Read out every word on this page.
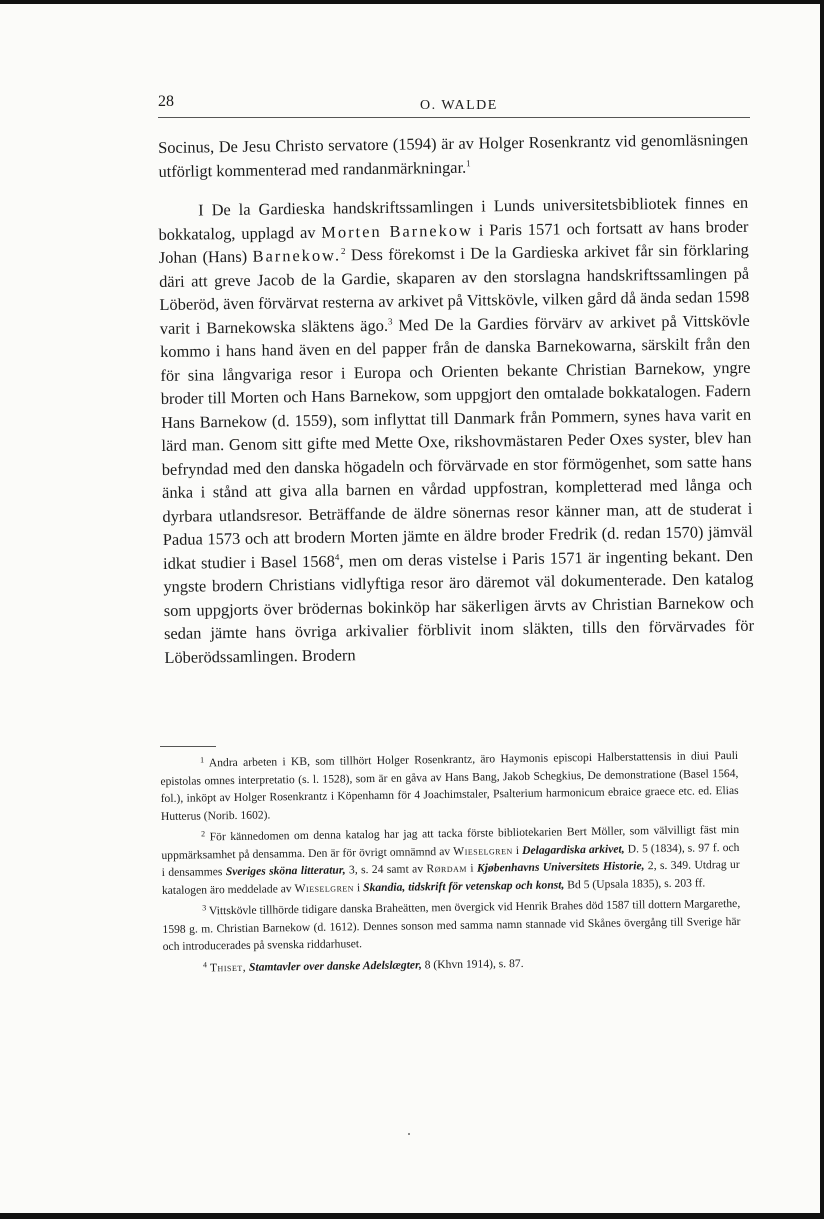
28	O. WALDE

Socinus, De Jesu Christo servatore (1594) är av Holger Rosenkrantz vid genomläsningen utförligt kommenterad med randanmärkningar.$^1$

I De la Gardieska handskriftssamlingen i Lunds universitetsbibliotek finnes en bokkatalog, upplagd av Morten Barnekow i Paris 1571 och fortsatt av hans broder Johan (Hans) Barnekow.$^2$ Dess förekomst i De la Gardieska arkivet får sin förklaring däri att greve Jacob de la Gardie, skaparen av den storslagna handskriftssamlingen på Löberöd, även förvärvat resterna av arkivet på Vittskövle, vilken gård då ända sedan 1598 varit i Barnekowska släktens ägo.$^3$ Med De la Gardies förvärv av arkivet på Vittskövle kommo i hans hand även en del papper från de danska Barnekowarna, särskilt från den för sina långvariga resor i Europa och Orienten bekante Christian Barnekow, yngre broder till Morten och Hans Barnekow, som uppgjort den omtalade bokkatalogen. Fadern Hans Barnekow (d. 1559), som inflyttat till Danmark från Pommern, synes hava varit en lärd man. Genom sitt gifte med Mette Oxe, rikshovmästaren Peder Oxes syster, blev han befryndad med den danska högadeln och förvärvade en stor förmögenhet, som satte hans änka i stånd att giva alla barnen en vårdad uppfostran, kompletterad med långa och dyrbara utlandsresor. Beträffande de äldre sönernas resor känner man, att de studerat i Padua 1573 och att brodern Morten jämte en äldre broder Fredrik (d. redan 1570) jämväl idkat studier i Basel 1568$^4$, men om deras vistelse i Paris 1571 är ingenting bekant. Den yngste brodern Christians vidlyftiga resor äro däremot väl dokumenterade. Den katalog som uppgjorts över brödernas bokinköp har säkerligen ärvts av Christian Barnekow och sedan jämte hans övriga arkivalier förblivit inom släkten, tills den förvärvades för Löberödssamlingen. Brodern

$^1$ Andra arbeten i KB, som tillhört Holger Rosenkrantz, äro Haymonis episcopi Halberstattensis in diui Pauli epistolas omnes interpretatio (s. l. 1528), som är en gåva av Hans Bang, Jakob Schegkius, De demonstratione (Basel 1564, fol.), inköpt av Holger Rosenkrantz i Köpenhamn för 4 Joachimstaler, Psalterium harmonicum ebraice graece etc. ed. Elias Hutterus (Norib. 1602).

$^2$ För kännedomen om denna katalog har jag att tacka förste bibliotekarien Bert Möller, som välvilligt fäst min uppmärksamhet på densamma. Den är för övrigt omnämnd av Wieselgren i Delagardiska arkivet, D. 5 (1834), s. 97 f. och i densammes Sveriges sköna litteratur, 3, s. 24 samt av Rørdam i Kjøbenhavns Universitets Historie, 2, s. 349. Utdrag ur katalogen äro meddelade av Wieselgren i Skandia, tidskrift för vetenskap och konst, Bd 5 (Upsala 1835), s. 203 ff.

$^3$ Vittskövle tillhörde tidigare danska Braheätten, men övergick vid Henrik Brahes död 1587 till dottern Margarethe, 1598 g. m. Christian Barnekow (d. 1612). Dennes sonson med samma namn stannade vid Skånes övergång till Sverige här och introducerades på svenska riddarhuset.

$^4$ Thiset, Stamtavler over danske Adelslægter, 8 (Khvn 1914), s. 87.
